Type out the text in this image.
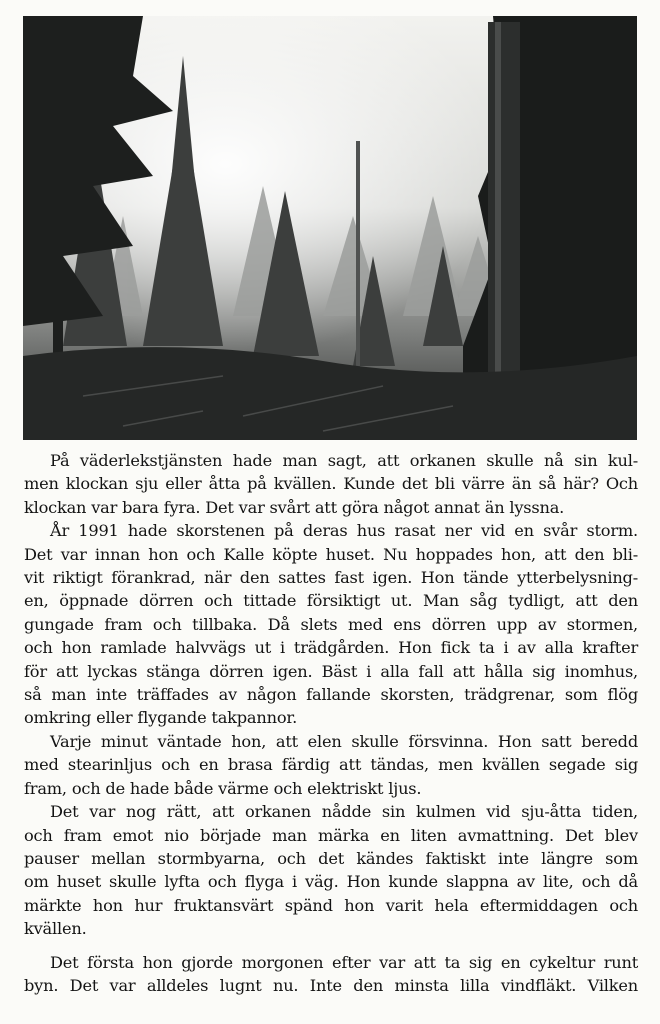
På väderlekstjänsten hade man sagt, att orkanen skulle nå sin kul-
men klockan sju eller åtta på kvällen. Kunde det bli värre än så här? Och
klockan var bara fyra. Det var svårt att göra något annat än lyssna.

År 1991 hade skorstenen på deras hus rasat ner vid en svår storm.
Det var innan hon och Kalle köpte huset. Nu hoppades hon, att den bli-
vit riktigt förankrad, när den sattes fast igen. Hon tände ytterbelysning-
en, öppnade dörren och tittade försiktigt ut. Man såg tydligt, att den
gungade fram och tillbaka. Då slets med ens dörren upp av stormen,
och hon ramlade halvvägs ut i trädgården. Hon fick ta i av alla krafter
för att lyckas stänga dörren igen. Bäst i alla fall att hålla sig inomhus,
så man inte träffades av någon fallande skorsten, trädgrenar, som flög
omkring eller flygande takpannor.

Varje minut väntade hon, att elen skulle försvinna. Hon satt beredd
med stearinljus och en brasa färdig att tändas, men kvällen segade sig
fram, och de hade både värme och elektriskt ljus.

Det var nog rätt, att orkanen nådde sin kulmen vid sju-åtta tiden,
och fram emot nio började man märka en liten avmattning. Det blev
pauser mellan stormbyarna, och det kändes faktiskt inte längre som
om huset skulle lyfta och flyga i väg. Hon kunde slappna av lite, och då
märkte hon hur fruktansvärt spänd hon varit hela eftermiddagen och
kvällen.

Det första hon gjorde morgonen efter var att ta sig en cykeltur runt
byn. Det var alldeles lugnt nu. Inte den minsta lilla vindfläkt. Vilken
